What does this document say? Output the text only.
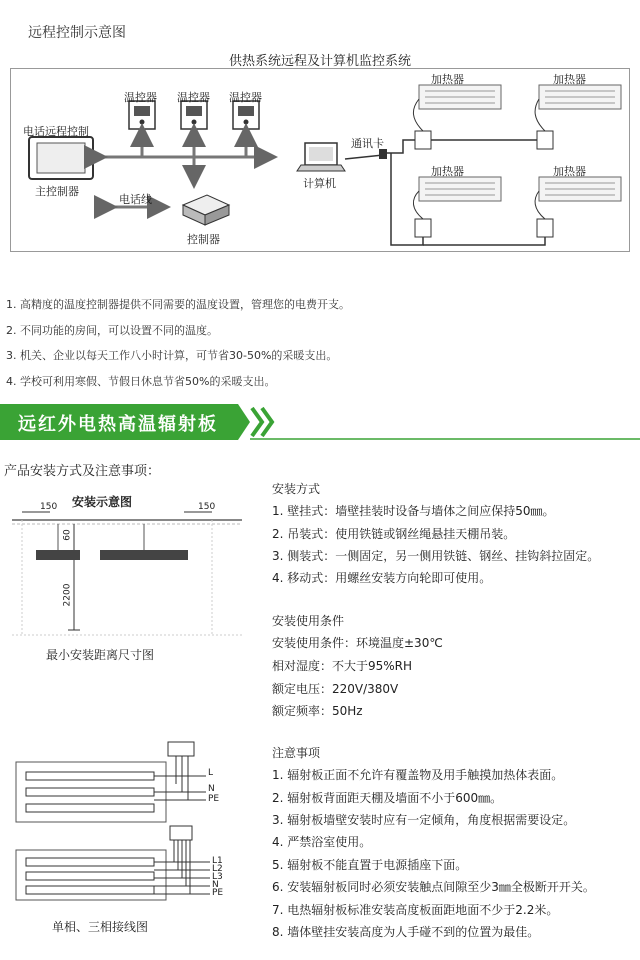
远程控制示意图
供热系统远程及计算机监控系统
温控器 温控器 温控器
电话远程控制
主控制器
电话线
控制器
加热器	加热器
加热器	加热器
通讯卡
计算机
1. 高精度的温度控制器提供不同需要的温度设置，管理您的电费开支。
2. 不同功能的房间，可以设置不同的温度。
3. 机关、企业以每天工作八小时计算，可节省30-50%的采暖支出。
4. 学校可利用寒假、节假日休息节省50%的采暖支出。
远红外电热高温辐射板
产品安装方式及注意事项：
安装示意图
150	150
60
2200
最小安装距离尺寸图
L
N
PE
L1
L2
L3
N
PE
单相、三相接线图
安装方式
1. 壁挂式：墙壁挂装时设备与墙体之间应保持50㎜。
2. 吊装式：使用铁链或钢丝绳悬挂天棚吊装。
3. 侧装式：一侧固定，另一侧用铁链、钢丝、挂钩斜拉固定。
4. 移动式：用螺丝安装方向轮即可使用。
安装使用条件
安装使用条件：环境温度±30℃
相对湿度：不大于95%RH
额定电压：220V/380V
额定频率：50Hz
注意事项
1. 辐射板正面不允许有覆盖物及用手触摸加热体表面。
2. 辐射板背面距天棚及墙面不小于600㎜。
3. 辐射板墙壁安装时应有一定倾角，角度根据需要设定。
4. 严禁浴室使用。
5. 辐射板不能直置于电源插座下面。
6. 安装辐射板同时必须安装触点间隙至少3㎜全极断开开关。
7. 电热辐射板标准安装高度板面距地面不少于2.2米。
8. 墙体壁挂安装高度为人手碰不到的位置为最佳。
